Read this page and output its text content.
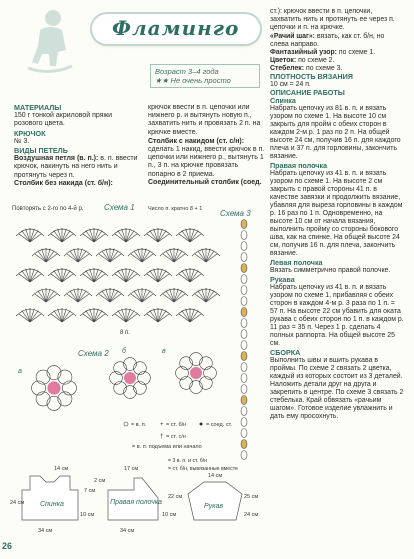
Фламинго
Возраст 3–4 года
★★ Не очень просто
МАТЕРИАЛЫ

150 г тонкой акриловой пряжи розового цвета.

КРЮЧОК

№ 3.

ВИДЫ ПЕТЕЛЬ
Воздушная петля (в. п.): в. п. ввести крючок, накинуть на него нить и протянуть через п.
Столбик без накида (ст. б/н):

крючок ввести в п. цепочки или нижнего р. и вытянуть новую п., захватить нить и провязать 2 п. на крючке вместе.

Столбик с накидом (ст. с/н): сделать 1 накид, ввести крючок в п. цепочки или нижнего р., вытянуть 1 п., 3 п. на крючке провязать попарно в 2 приема.
Соединительный столбик (соед.

ст.): крючок ввести в п. цепочки, захватить нить и протянуть ее через п. цепочки и п. на крючке.

«Рачий шаг»: вязать, как ст. б/н, но слева направо.
Фантазийный узор: по схеме 1.
Цветок: по схеме 2.
Стебелек: по схеме 3.

ПЛОТНОСТЬ ВЯЗАНИЯ
10 см = 24 п.
ОПИСАНИЕ РАБОТЫ
Спинка

Набрать цепочку из 81 в. п. и вязать узором по схеме 1. На высоте 10 см закрыть для пройм с обеих сторон в каждом 2-м р. 1 раз по 2 п. На общей высоте 24 см, получив 16 п. для каждого плеча и 37 п. для горловины, закончить вязание.

Правая полочка

Набрать цепочку из 41 в. п. и вязать узором по схеме 1. На высоте 2 см закрыть с правой стороны 41 п. в качестве завязки и продолжить вязание, убавляя для выреза горловины в каждом р. 16 раз по 1 п. Одновременно, на высоте 10 см от начала вязания, выполнить пройму со стороны бокового шва, как на спинке. На общей высоте 24 см, получив 16 п. для плеча, закончить вязание.

Левая полочка

Вязать симметрично правой полочке.

Рукава

Набрать цепочку из 41 в. п. и вязать узором по схеме 1, прибавляя с обеих сторон в каждом 4-м р. 3 раза по 1 п. = 57 п. На высоте 22 см убавить для оката рукава с обеих сторон по 1 п. в каждом р. 11 раз = 35 п. Через 1 р. сделать 4 полных раппорта. На общей высоте 25 см.

СБОРКА

Выполнить швы и вшить рукава в проймы. По схеме 2 связать 2 цветка, каждый из которых состоит из 3 деталей. Наложить детали друг на друга и закрепить в центре. По схеме 3 связать 2 стебелька. Край обвязать «рачьим шагом». Готовое изделие увлажнить и дать ему просохнуть.

Повторять с 2-го по 4-й р.	Схема 1 Число п. кратно 8 + 1 Схема 3
8 п.
Схема 2
а
б	в
= в. п. + = ст. б/н	= соед. ст.
† = ст. с/н
= в. п. подъема или начало
= 3 в. п. и ст. б/н
= ст. б/н, вывязанные вместе
Спинка	Правая полочка
Рукав
34 см	34 см
17 см
14 см
14 см
24 см
24 см
25 см
22 см
10 см	10 см
7 см
2 см
26
